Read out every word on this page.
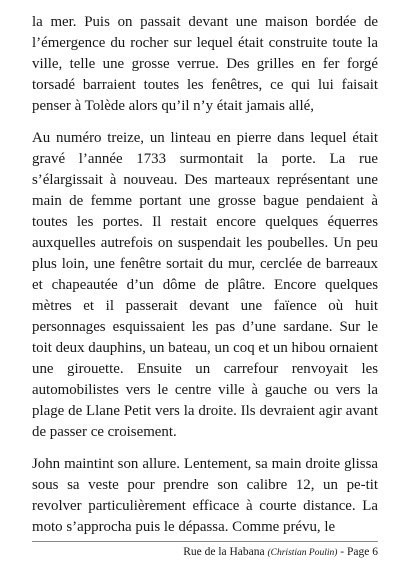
la mer. Puis on passait devant une maison bordée de l’émergence du rocher sur lequel était construite toute la ville, telle une grosse verrue. Des grilles en fer forgé torsadé barraient toutes les fenêtres, ce qui lui faisait penser à Tolède alors qu’il n’y était jamais allé,

Au numéro treize, un linteau en pierre dans lequel était gravé l’année 1733 surmontait la porte. La rue s’élargissait à nouveau. Des marteaux représentant une main de femme portant une grosse bague pendaient à toutes les portes. Il restait encore quelques équerres auxquelles autrefois on suspendait les poubelles. Un peu plus loin, une fenêtre sortait du mur, cerclée de barreaux et chapeautée d’un dôme de plâtre. Encore quelques mètres et il passerait devant une faïence où huit personnages esquissaient les pas d’une sardane. Sur le toit deux dauphins, un bateau, un coq et un hibou ornaient une girouette. Ensuite un carrefour renvoyait les automobilistes vers le centre ville à gauche ou vers la plage de Llane Petit vers la droite. Ils devraient agir avant de passer ce croisement.

John maintint son allure. Lentement, sa main droite glissa sous sa veste pour prendre son calibre 12, un pe-tit revolver particulièrement efficace à courte distance. La moto s’approcha puis le dépassa. Comme prévu, le

Rue de la Habana (Christian Poulin) - Page 6
